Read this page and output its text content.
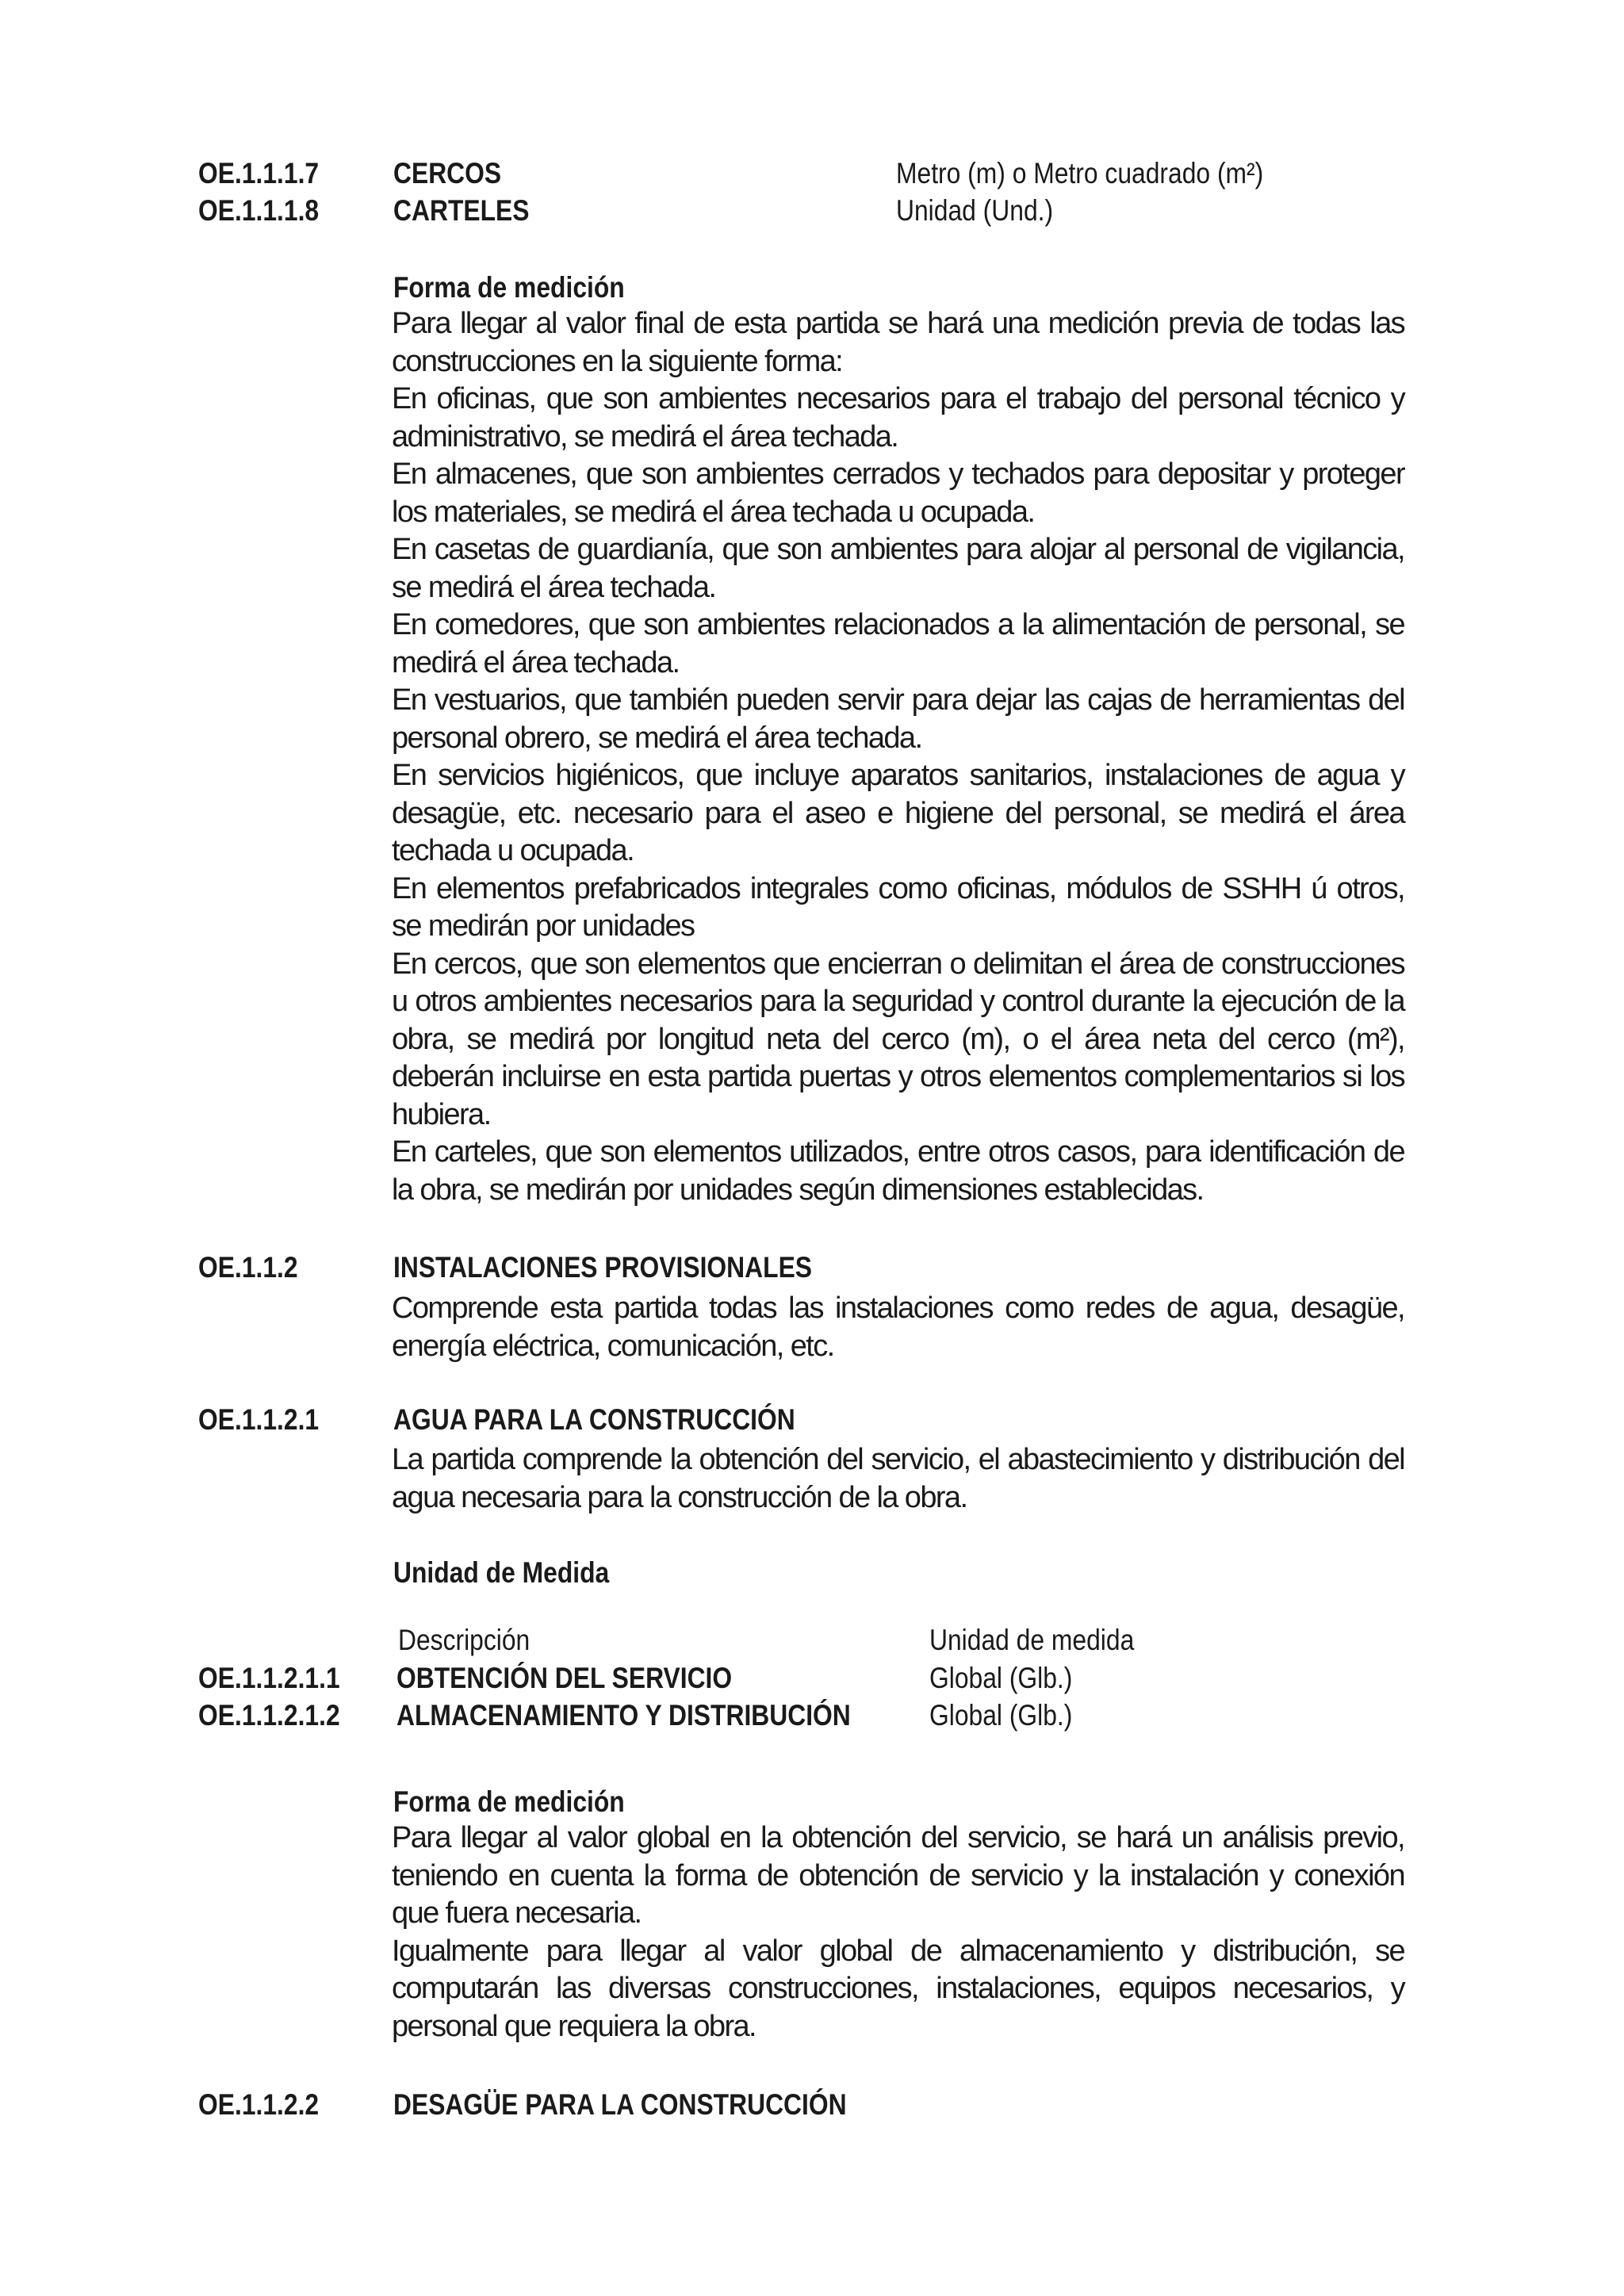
OE.1.1.1.7	CERCOS	Metro (m) o Metro cuadrado (m²)
OE.1.1.1.8	CARTELES	Unidad (Und.)
Forma de medición

Para llegar al valor final de esta partida se hará una medición previa de todas las construcciones en la siguiente forma:

En oficinas, que son ambientes necesarios para el trabajo del personal técnico y administrativo, se medirá el área techada.

En almacenes, que son ambientes cerrados y techados para depositar y proteger los materiales, se medirá el área techada u ocupada.

En casetas de guardianía, que son ambientes para alojar al personal de vigilancia, se medirá el área techada.

En comedores, que son ambientes relacionados a la alimentación de personal, se medirá el área techada.

En vestuarios, que también pueden servir para dejar las cajas de herramientas del personal obrero, se medirá el área techada.

En servicios higiénicos, que incluye aparatos sanitarios, instalaciones de agua y desagüe, etc. necesario para el aseo e higiene del personal, se medirá el área techada u ocupada.

En elementos prefabricados integrales como oficinas, módulos de SSHH ú otros, se medirán por unidades

En cercos, que son elementos que encierran o delimitan el área de construcciones u otros ambientes necesarios para la seguridad y control durante la ejecución de la obra, se medirá por longitud neta del cerco (m), o el área neta del cerco (m²), deberán incluirse en esta partida puertas y otros elementos complementarios si los hubiera.

En carteles, que son elementos utilizados, entre otros casos, para identificación de la obra, se medirán por unidades según dimensiones establecidas.

OE.1.1.2	INSTALACIONES PROVISIONALES

Comprende esta partida todas las instalaciones como redes de agua, desagüe, energía eléctrica, comunicación, etc.

OE.1.1.2.1	AGUA PARA LA CONSTRUCCIÓN

La partida comprende la obtención del servicio, el abastecimiento y distribución del agua necesaria para la construcción de la obra.

Unidad de Medida
Descripción	Unidad de medida
OE.1.1.2.1.1 OBTENCIÓN DEL SERVICIO	Global (Glb.)
OE.1.1.2.1.2 ALMACENAMIENTO Y DISTRIBUCIÓN	Global (Glb.)
Forma de medición

Para llegar al valor global en la obtención del servicio, se hará un análisis previo, teniendo en cuenta la forma de obtención de servicio y la instalación y conexión que fuera necesaria.

Igualmente para llegar al valor global de almacenamiento y distribución, se computarán las diversas construcciones, instalaciones, equipos necesarios, y personal que requiera la obra.

OE.1.1.2.2	DESAGÜE PARA LA CONSTRUCCIÓN
